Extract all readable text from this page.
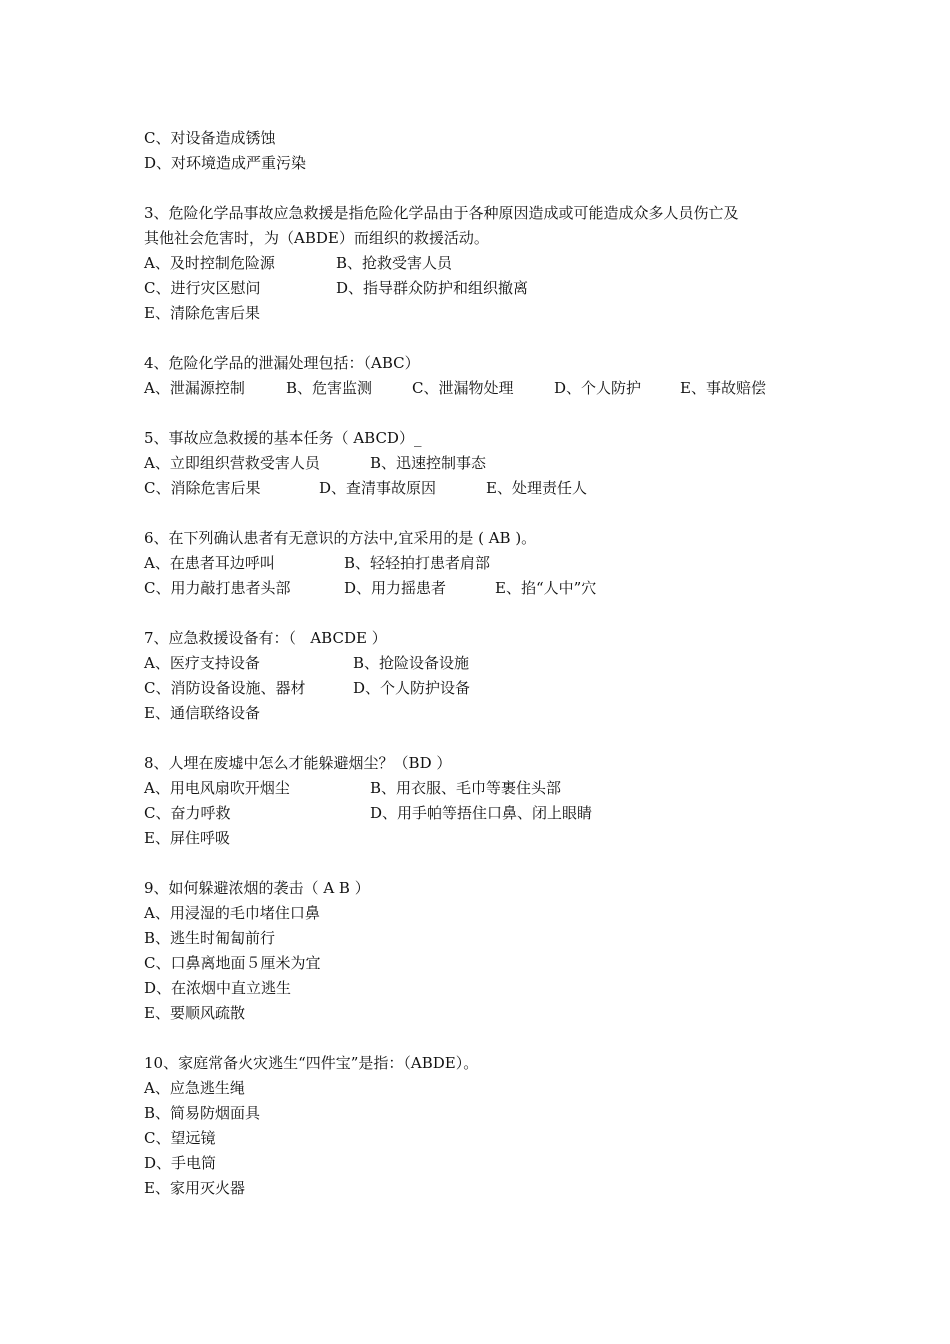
C、对设备造成锈蚀
D、对环境造成严重污染
3、危险化学品事故应急救援是指危险化学品由于各种原因造成或可能造成众多人员伤亡及
其他社会危害时，为（ABDE）而组织的救援活动。

A、及时控制危险源

	B、抢救受害人员

C、进行灾区慰问

	D、指导群众防护和组织撤离

E、清除危害后果
4、危险化学品的泄漏处理包括：（ABC）

A、泄漏源控制

	B、危害监测

	C、泄漏物处理

	D、个人防护

	E、事故赔偿

5、事故应急救援的基本任务（ ABCD）_

A、立即组织营救受害人员

	B、迅速控制事态

C、消除危害后果

	D、查清事故原因

	E、处理责任人

6、在下列确认患者有无意识的方法中,宜采用的是 ( AB )。

A、在患者耳边呼叫

	B、轻轻拍打患者肩部

C、用力敲打患者头部

	D、用力摇患者

	E、掐“人中”穴

7、应急救援设备有：（   ABCDE ）

A、医疗支持设备

	B、抢险设备设施

C、消防设备设施、器材

	D、个人防护设备

E、通信联络设备
8、人埋在废墟中怎么才能躲避烟尘？（BD ）

A、用电风扇吹开烟尘

	B、用衣服、毛巾等裹住头部

C、奋力呼救

	D、用手帕等捂住口鼻、闭上眼睛

E、屏住呼吸
9、如何躲避浓烟的袭击（ A B ）
A、用浸湿的毛巾堵住口鼻
B、逃生时匍匐前行
C、口鼻离地面５厘米为宜
D、在浓烟中直立逃生
E、要顺风疏散
10、家庭常备火灾逃生“四件宝”是指：（ABDE）。
A、应急逃生绳
B、简易防烟面具
C、望远镜
D、手电筒
E、家用灭火器
